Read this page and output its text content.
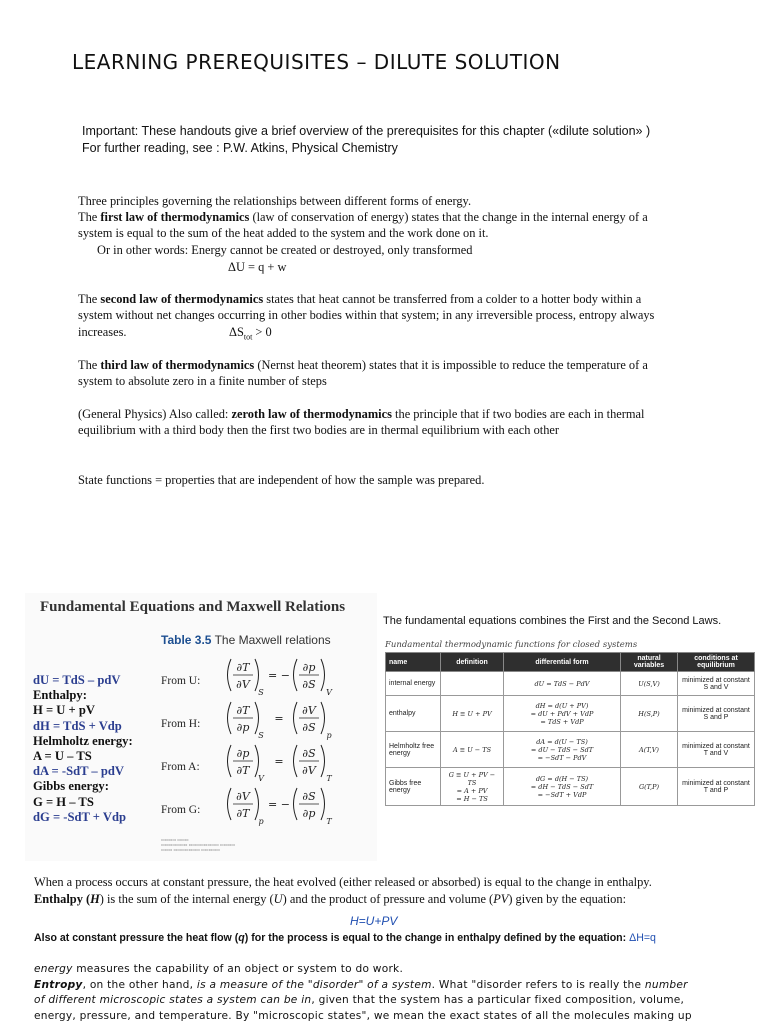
LEARNING PREREQUISITES – DILUTE SOLUTION
Important: These handouts give a brief overview of the prerequisites for this chapter («dilute solution» )
For further reading, see : P.W. Atkins, Physical Chemistry
Three principles governing the relationships between different forms of energy.
The first law of thermodynamics (law of conservation of energy) states that the change in the internal energy of a system is equal to the sum of the heat added to the system and the work done on it.
Or in other words: Energy cannot be created or destroyed, only transformed
ΔU = q + w
The second law of thermodynamics states that heat cannot be transferred from a colder to a hotter body within a system without net changes occurring in other bodies within that system; in any irreversible process, entropy always increases.	$\Delta S_{tot} > 0$
The third law of thermodynamics (Nernst heat theorem) states that it is impossible to reduce the temperature of a system to absolute zero in a finite number of steps
(General Physics) Also called: zeroth law of thermodynamics the principle that if two bodies are each in thermal equilibrium with a third body then the first two bodies are in thermal equilibrium with each other
State functions = properties that are independent of how the sample was prepared.
Fundamental Equations and Maxwell Relations
Table 3.5 The Maxwell relations
dU = TdS – pdV
Enthalpy:
H = U + pV
dH = TdS + Vdp
Helmholtz energy:
A = U – TS
dA = -SdT – pdV
Gibbs energy:
G = H – TS
dG = -SdT + Vdp
From U:
From H:
From A:
From G:
∂T
∂V
S
= −
∂p
∂S
V
∂T
∂p
S
=
∂V
∂S
p
∂p
∂T
V
=
∂S
∂V
T
∂V
∂T
p
= −
∂S
∂p
T
▭▭▭▭ ▭▭▭
▭▭▭▭▭▭▭ ▭▭▭▭▭▭▭▭ ▭▭▭▭
▭▭▭ ▭▭▭▭▭▭▭ ▭▭▭▭▭
The fundamental equations combines the First and the Second Laws.
Fundamental thermodynamic functions for closed systems
name	definition	differential form	natural variables	conditions at equilibrium
internal energy		dU = TdS − PdV	U(S,V)	minimized at constant S and V
enthalpy	H ≡ U + PV	dH = d(U + PV)
= dU + PdV + VdP
= TdS + VdP	H(S,P)	minimized at constant S and P
Helmholtz free energy	A ≡ U − TS	dA = d(U − TS)
= dU − TdS − SdT
= −SdT − PdV	A(T,V)	minimized at constant T and V
Gibbs free energy	G ≡ U + PV − TS
= A + PV
= H − TS	dG = d(H − TS)
= dH − TdS − SdT
= −SdT + VdP	G(T,P)	minimized at constant T and P
When a process occurs at constant pressure, the heat evolved (either released or absorbed) is equal to the change in enthalpy.
Enthalpy (H) is the sum of the internal energy (U) and the product of pressure and volume (PV) given by the equation:
H=U+PV
Also at constant pressure the heat flow (q) for the process is equal to the change in enthalpy defined by the equation: ΔH=q
energy measures the capability of an object or system to do work.
Entropy, on the other hand, is a measure of the "disorder" of a system. What "disorder refers to is really the number
of different microscopic states a system can be in, given that the system has a particular fixed composition, volume,
energy, pressure, and temperature. By "microscopic states", we mean the exact states of all the molecules making up
